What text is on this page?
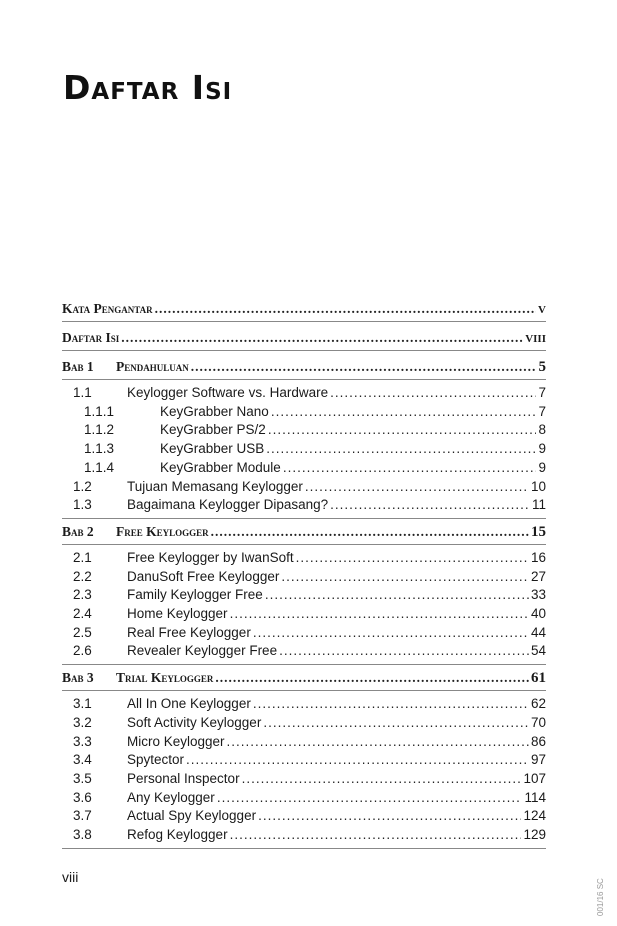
Daftar Isi
Kata Pengantar .....	v
Daftar Isi .....	viii
Bab 1	Pendahuluan .....	5
1.1	Keylogger Software vs. Hardware .....	7
1.1.1	KeyGrabber Nano .....	7
1.1.2	KeyGrabber PS/2 .....	8
1.1.3	KeyGrabber USB .....	9
1.1.4	KeyGrabber Module .....	9
1.2	Tujuan Memasang Keylogger .....	10
1.3	Bagaimana Keylogger Dipasang? .....	11
Bab 2	Free Keylogger .....	15
2.1	Free Keylogger by IwanSoft .....	16
2.2	DanuSoft Free Keylogger .....	27
2.3	Family Keylogger Free .....	33
2.4	Home Keylogger .....	40
2.5	Real Free Keylogger .....	44
2.6	Revealer Keylogger Free .....	54
Bab 3	Trial Keylogger .....	61
3.1	All In One Keylogger .....	62
3.2	Soft Activity Keylogger .....	70
3.3	Micro Keylogger .....	86
3.4	Spytector .....	97
3.5	Personal Inspector .....	107
3.6	Any Keylogger .....	114
3.7	Actual Spy Keylogger .....	124
3.8	Refog Keylogger .....	129
viii
001/16 SC
